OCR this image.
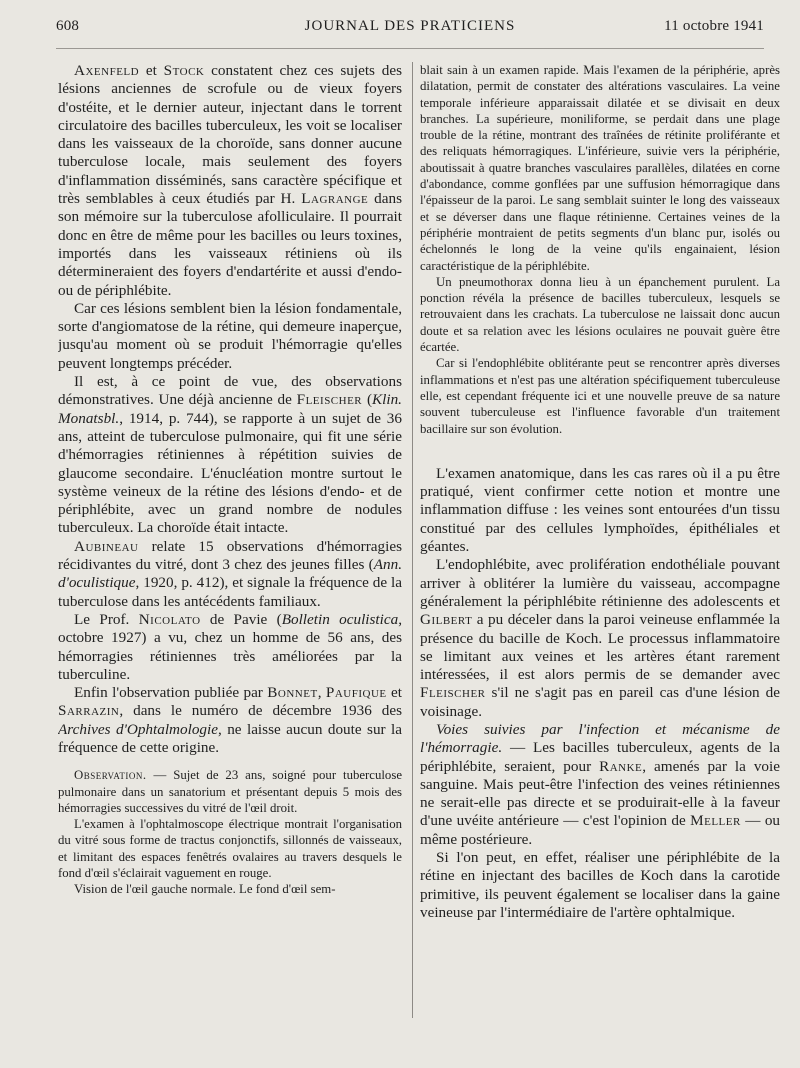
608	JOURNAL DES PRATICIENS	11 octobre 1941

Axenfeld et Stock constatent chez ces sujets des lésions anciennes de scrofule ou de vieux foyers d'ostéite, et le dernier auteur, injectant dans le torrent circulatoire des bacilles tuberculeux, les voit se localiser dans les vaisseaux de la choroïde, sans donner aucune tuberculose locale, mais seulement des foyers d'inflammation disséminés, sans caractère spécifique et très semblables à ceux étudiés par H. Lagrange dans son mémoire sur la tuberculose afolliculaire. Il pourrait donc en être de même pour les bacilles ou leurs toxines, importés dans les vaisseaux rétiniens où ils détermineraient des foyers d'endartérite et aussi d'endo- ou de périphlébite.

Car ces lésions semblent bien la lésion fondamentale, sorte d'angiomatose de la rétine, qui demeure inaperçue, jusqu'au moment où se produit l'hémorragie qu'elles peuvent longtemps précéder.

Il est, à ce point de vue, des observations démonstratives. Une déjà ancienne de Fleischer (Klin. Monatsbl., 1914, p. 744), se rapporte à un sujet de 36 ans, atteint de tuberculose pulmonaire, qui fit une série d'hémorragies rétiniennes à répétition suivies de glaucome secondaire. L'énucléation montre surtout le système veineux de la rétine des lésions d'endo- et de périphlébite, avec un grand nombre de nodules tuberculeux. La choroïde était intacte.

Aubineau relate 15 observations d'hémorragies récidivantes du vitré, dont 3 chez des jeunes filles (Ann. d'oculistique, 1920, p. 412), et signale la fréquence de la tuberculose dans les antécédents familiaux.

Le Prof. Nicolato de Pavie (Bolletin oculistica, octobre 1927) a vu, chez un homme de 56 ans, des hémorragies rétiniennes très améliorées par la tuberculine.

Enfin l'observation publiée par Bonnet, Paufique et Sarrazin, dans le numéro de décembre 1936 des Archives d'Ophtalmologie, ne laisse aucun doute sur la fréquence de cette origine.

Observation. — Sujet de 23 ans, soigné pour tuberculose pulmonaire dans un sanatorium et présentant depuis 5 mois des hémorragies successives du vitré de l'œil droit.

L'examen à l'ophtalmoscope électrique montrait l'organisation du vitré sous forme de tractus conjonctifs, sillonnés de vaisseaux, et limitant des espaces fenêtrés ovalaires au travers desquels le fond d'œil s'éclairait vaguement en rouge.

Vision de l'œil gauche normale. Le fond d'œil sem-

blait sain à un examen rapide. Mais l'examen de la périphérie, après dilatation, permit de constater des altérations vasculaires. La veine temporale inférieure apparaissait dilatée et se divisait en deux branches. La supérieure, moniliforme, se perdait dans une plage trouble de la rétine, montrant des traînées de rétinite proliférante et des reliquats hémorragiques. L'inférieure, suivie vers la périphérie, aboutissait à quatre branches vasculaires parallèles, dilatées en corne d'abondance, comme gonflées par une suffusion hémorragique dans l'épaisseur de la paroi. Le sang semblait suinter le long des vaisseaux et se déverser dans une flaque rétinienne. Certaines veines de la périphérie montraient de petits segments d'un blanc pur, isolés ou échelonnés le long de la veine qu'ils engainaient, lésion caractéristique de la périphlébite.

Un pneumothorax donna lieu à un épanchement purulent. La ponction révéla la présence de bacilles tuberculeux, lesquels se retrouvaient dans les crachats. La tuberculose ne laissait donc aucun doute et sa relation avec les lésions oculaires ne pouvait guère être écartée.

Car si l'endophlébite oblitérante peut se rencontrer après diverses inflammations et n'est pas une altération spécifiquement tuberculeuse elle, est cependant fréquente ici et une nouvelle preuve de sa nature souvent tuberculeuse est l'influence favorable d'un traitement bacillaire sur son évolution.

L'examen anatomique, dans les cas rares où il a pu être pratiqué, vient confirmer cette notion et montre une inflammation diffuse : les veines sont entourées d'un tissu constitué par des cellules lymphoïdes, épithéliales et géantes.

L'endophlébite, avec prolifération endothéliale pouvant arriver à oblitérer la lumière du vaisseau, accompagne généralement la périphlébite rétinienne des adolescents et Gilbert a pu déceler dans la paroi veineuse enflammée la présence du bacille de Koch. Le processus inflammatoire se limitant aux veines et les artères étant rarement intéressées, il est alors permis de se demander avec Fleischer s'il ne s'agit pas en pareil cas d'une lésion de voisinage.

Voies suivies par l'infection et mécanisme de l'hémorragie. — Les bacilles tuberculeux, agents de la périphlébite, seraient, pour Ranke, amenés par la voie sanguine. Mais peut-être l'infection des veines rétiniennes ne serait-elle pas directe et se produirait-elle à la faveur d'une uvéite antérieure — c'est l'opinion de Meller — ou même postérieure.

Si l'on peut, en effet, réaliser une périphlébite de la rétine en injectant des bacilles de Koch dans la carotide primitive, ils peuvent également se localiser dans la gaine veineuse par l'intermédiaire de l'artère ophtalmique.
